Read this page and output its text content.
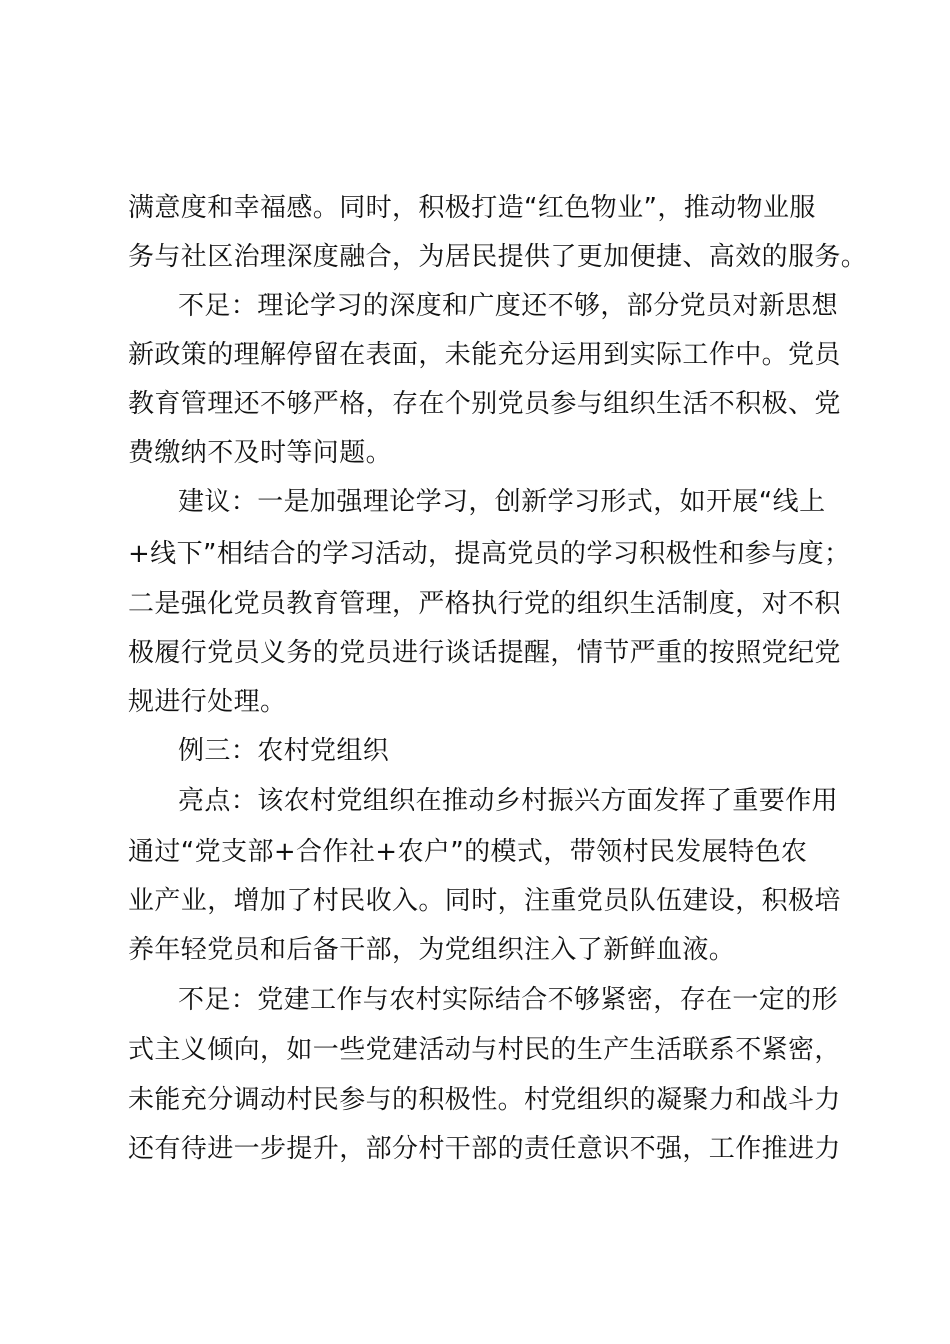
满意度和幸福感。同时，积极打造“红色物业”，推动物业服
务与社区治理深度融合，为居民提供了更加便捷、高效的服务。
不足：理论学习的深度和广度还不够，部分党员对新思想
新政策的理解停留在表面，未能充分运用到实际工作中。党员
教育管理还不够严格，存在个别党员参与组织生活不积极、党
费缴纳不及时等问题。
建议：一是加强理论学习，创新学习形式，如开展“线上
+线下”相结合的学习活动，提高党员的学习积极性和参与度；
二是强化党员教育管理，严格执行党的组织生活制度，对不积
极履行党员义务的党员进行谈话提醒，情节严重的按照党纪党
规进行处理。
例三：农村党组织
亮点：该农村党组织在推动乡村振兴方面发挥了重要作用
通过“党支部+合作社+农户”的模式，带领村民发展特色农
业产业，增加了村民收入。同时，注重党员队伍建设，积极培
养年轻党员和后备干部，为党组织注入了新鲜血液。
不足：党建工作与农村实际结合不够紧密，存在一定的形
式主义倾向，如一些党建活动与村民的生产生活联系不紧密，
未能充分调动村民参与的积极性。村党组织的凝聚力和战斗力
还有待进一步提升，部分村干部的责任意识不强，工作推进力
